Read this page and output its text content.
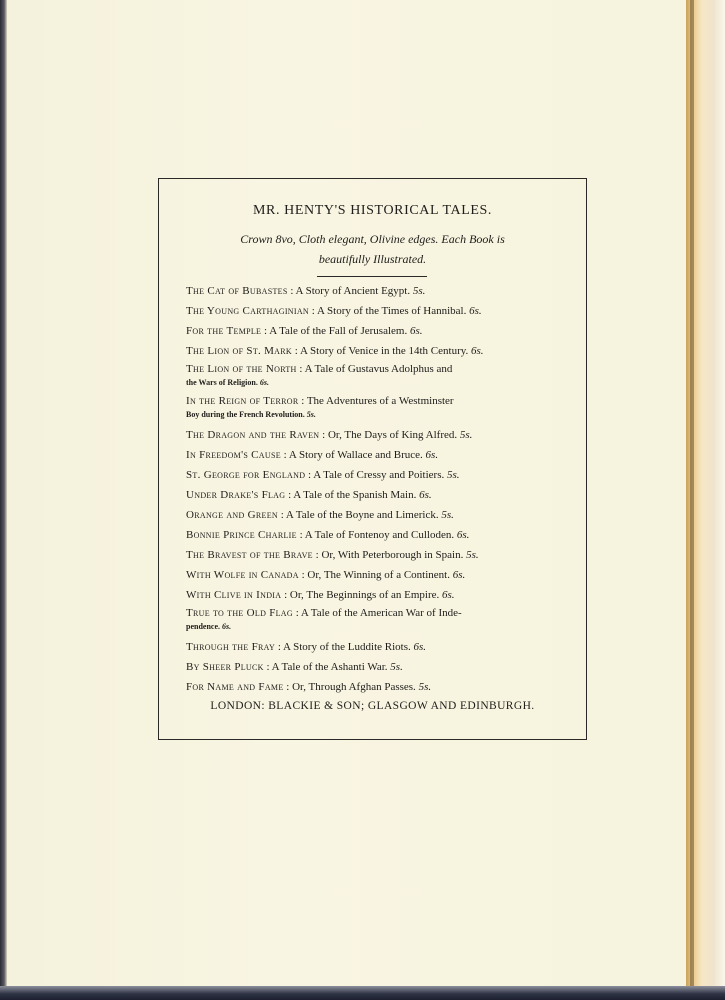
MR. HENTY'S HISTORICAL TALES.
Crown 8vo, Cloth elegant, Olivine edges. Each Book is
beautifully Illustrated.
The Cat of Bubastes : A Story of Ancient Egypt. 5s.
The Young Carthaginian : A Story of the Times of Hannibal. 6s.
For the Temple : A Tale of the Fall of Jerusalem. 6s.
The Lion of St. Mark : A Story of Venice in the 14th Century. 6s.
The Lion of the North : A Tale of Gustavus Adolphus and
the Wars of Religion. 6s.
In the Reign of Terror : The Adventures of a Westminster
Boy during the French Revolution. 5s.
The Dragon and the Raven : Or, The Days of King Alfred. 5s.
In Freedom's Cause : A Story of Wallace and Bruce. 6s.
St. George for England : A Tale of Cressy and Poitiers. 5s.
Under Drake's Flag : A Tale of the Spanish Main. 6s.
Orange and Green : A Tale of the Boyne and Limerick. 5s.
Bonnie Prince Charlie : A Tale of Fontenoy and Culloden. 6s.
The Bravest of the Brave : Or, With Peterborough in Spain. 5s.
With Wolfe in Canada : Or, The Winning of a Continent. 6s.
With Clive in India : Or, The Beginnings of an Empire. 6s.
True to the Old Flag : A Tale of the American War of Inde-
pendence. 6s.
Through the Fray : A Story of the Luddite Riots. 6s.
By Sheer Pluck : A Tale of the Ashanti War. 5s.
For Name and Fame : Or, Through Afghan Passes. 5s.
LONDON: BLACKIE & SON; GLASGOW AND EDINBURGH.
